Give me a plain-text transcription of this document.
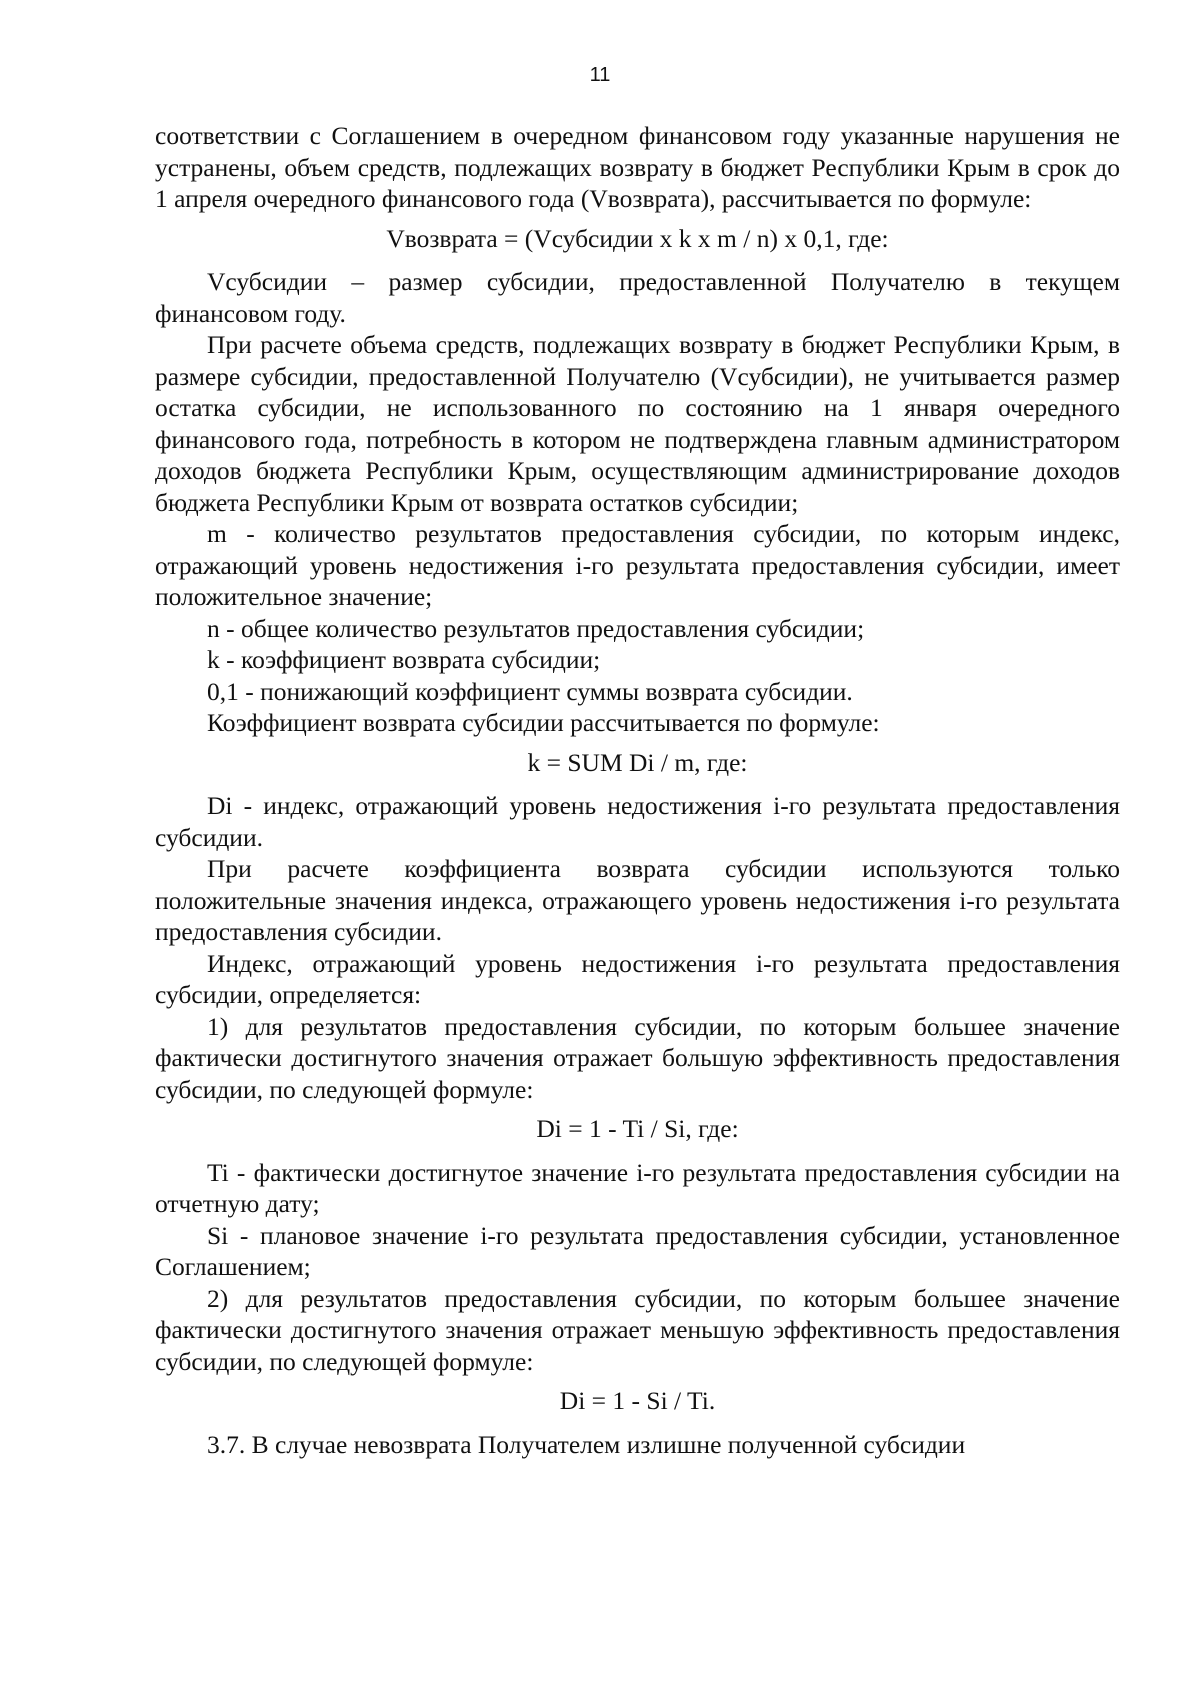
11

соответствии с Соглашением в очередном финансовом году указанные нарушения не устранены, объем средств, подлежащих возврату в бюджет Республики Крым в срок до 1 апреля очередного финансового года (Vвозврата), рассчитывается по формуле:

Vвозврата = (Vсубсидии x k x m / n) x 0,1, где:

Vсубсидии – размер субсидии, предоставленной Получателю в текущем финансовом году.

При расчете объема средств, подлежащих возврату в бюджет Республики Крым, в размере субсидии, предоставленной Получателю (Vсубсидии), не учитывается размер остатка субсидии, не использованного по состоянию на 1 января очередного финансового года, потребность в котором не подтверждена главным администратором доходов бюджета Республики Крым, осуществляющим администрирование доходов бюджета Республики Крым от возврата остатков субсидии;

m - количество результатов предоставления субсидии, по которым индекс, отражающий уровень недостижения i-го результата предоставления субсидии, имеет положительное значение;

n - общее количество результатов предоставления субсидии;

k - коэффициент возврата субсидии;

0,1 - понижающий коэффициент суммы возврата субсидии.

Коэффициент возврата субсидии рассчитывается по формуле:

k = SUM Di / m, где:

Di - индекс, отражающий уровень недостижения i-го результата предоставления субсидии.

При расчете коэффициента возврата субсидии используются только положительные значения индекса, отражающего уровень недостижения i-го результата предоставления субсидии.

Индекс, отражающий уровень недостижения i-го результата предоставления субсидии, определяется:

1) для результатов предоставления субсидии, по которым большее значение фактически достигнутого значения отражает большую эффективность предоставления субсидии, по следующей формуле:

Di = 1 - Ti / Si, где:

Ti - фактически достигнутое значение i-го результата предоставления субсидии на отчетную дату;

Si - плановое значение i-го результата предоставления субсидии, установленное Соглашением;

2) для результатов предоставления субсидии, по которым большее значение фактически достигнутого значения отражает меньшую эффективность предоставления субсидии, по следующей формуле:

Di = 1 - Si / Ti.

3.7. В случае невозврата Получателем излишне полученной субсидии
